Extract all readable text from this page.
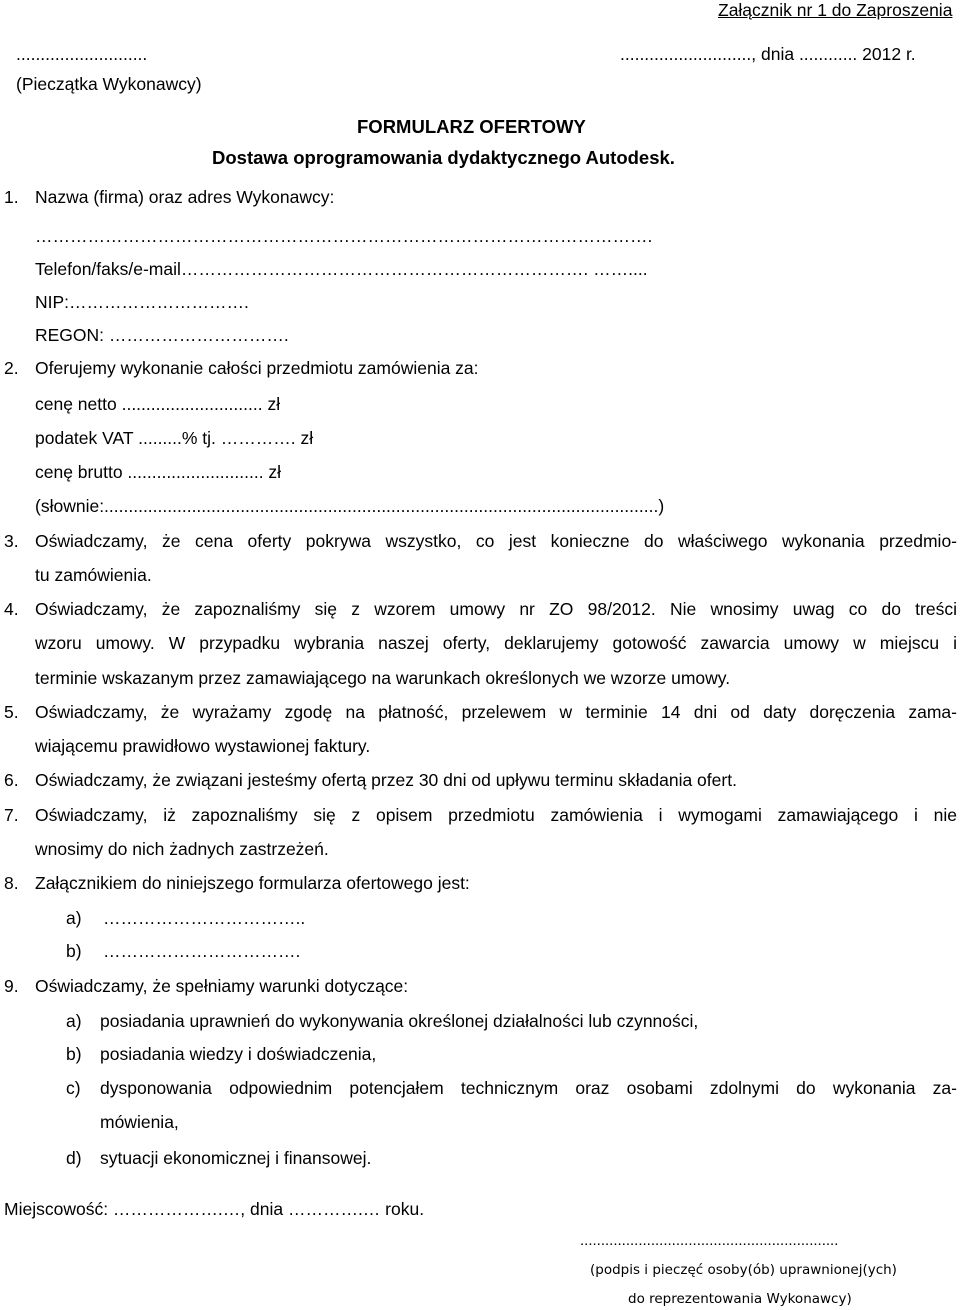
Załącznik nr 1 do Zaproszenia
...........................	..........................., dnia ............ 2012 r.
(Pieczątka Wykonawcy)
FORMULARZ OFERTOWY
Dostawa oprogramowania dydaktycznego Autodesk.
1. Nazwa (firma) oraz adres Wykonawcy:
…………………………………………………………………………………………….
Telefon/faks/e-mail……………………………………………………………. ……....
NIP:………………………….
REGON: ………………………….
2. Oferujemy wykonanie całości przedmiotu zamówienia za:
cenę netto ............................. zł
podatek VAT .........% tj. …………. zł
cenę brutto ............................ zł
(słownie:..................................................................................................................)
3. Oświadczamy, że cena oferty pokrywa wszystko, co jest konieczne do właściwego wykonania przedmio-
tu zamówienia.
4. Oświadczamy, że zapoznaliśmy się z wzorem umowy nr ZO 98/2012. Nie wnosimy uwag co do treści
wzoru umowy. W przypadku wybrania naszej oferty, deklarujemy gotowość zawarcia umowy w miejscu i
terminie wskazanym przez zamawiającego na warunkach określonych we wzorze umowy.
5. Oświadczamy, że wyrażamy zgodę na płatność, przelewem w terminie 14 dni od daty doręczenia zama-
wiającemu prawidłowo wystawionej faktury.
6. Oświadczamy, że związani jesteśmy ofertą przez 30 dni od upływu terminu składania ofert.
7. Oświadczamy, iż zapoznaliśmy się z opisem przedmiotu zamówienia i wymogami zamawiającego i nie
wnosimy do nich żadnych zastrzeżeń.
8. Załącznikiem do niniejszego formularza ofertowego jest:
a) ……………………………..
b) …………………………….
9. Oświadczamy, że spełniamy warunki dotyczące:
a) posiadania uprawnień do wykonywania określonej działalności lub czynności,
b) posiadania wiedzy i doświadczenia,
c) dysponowania odpowiednim potencjałem technicznym oraz osobami zdolnymi do wykonania za-
mówienia,
d) sytuacji ekonomicznej i finansowej.
Miejscowość: ……………….…, dnia ………….… roku.
..............................................................
(podpis i pieczęć osoby(ób) uprawnionej(ych)
do reprezentowania Wykonawcy)
